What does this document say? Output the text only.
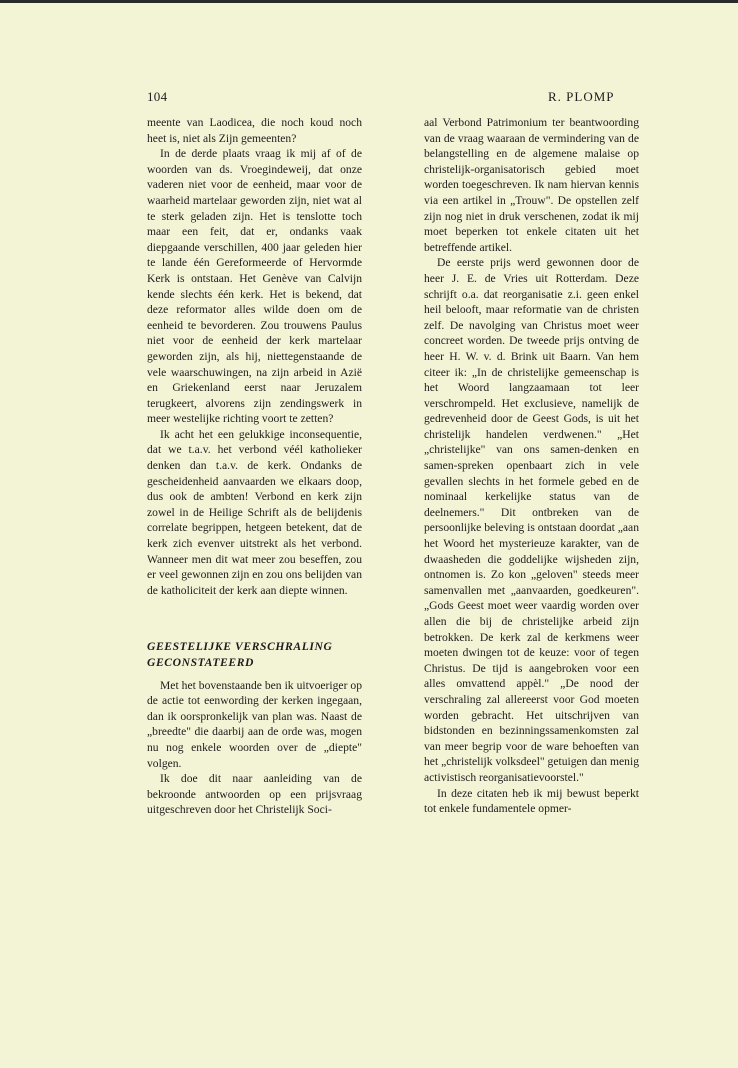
104	R. PLOMP

meente van Laodicea, die noch koud noch heet is, niet als Zijn gemeenten?

In de derde plaats vraag ik mij af of de woorden van ds. Vroegindeweij, dat onze vaderen niet voor de eenheid, maar voor de waarheid martelaar geworden zijn, niet wat al te sterk geladen zijn. Het is tenslotte toch maar een feit, dat er, ondanks vaak diepgaande verschillen, 400 jaar geleden hier te lande één Gereformeerde of Hervormde Kerk is ontstaan. Het Genève van Calvijn kende slechts één kerk. Het is bekend, dat deze reformator alles wilde doen om de eenheid te bevorderen. Zou trouwens Paulus niet voor de eenheid der kerk martelaar geworden zijn, als hij, niettegenstaande de vele waarschuwingen, na zijn arbeid in Azië en Griekenland eerst naar Jeruzalem terugkeert, alvorens zijn zendingswerk in meer westelijke richting voort te zetten?

Ik acht het een gelukkige inconsequentie, dat we t.a.v. het verbond véél katholieker denken dan t.a.v. de kerk. Ondanks de gescheidenheid aanvaarden we elkaars doop, dus ook de ambten! Verbond en kerk zijn zowel in de Heilige Schrift als de belijdenis correlate begrippen, hetgeen betekent, dat de kerk zich evenver uitstrekt als het verbond. Wanneer men dit wat meer zou beseffen, zou er veel gewonnen zijn en zou ons belijden van de katholiciteit der kerk aan diepte winnen.

GEESTELIJKE VERSCHRALING GECONSTATEERD

Met het bovenstaande ben ik uitvoeriger op de actie tot eenwording der kerken ingegaan, dan ik oorspronkelijk van plan was. Naast de „breedte" die daarbij aan de orde was, mogen nu nog enkele woorden over de „diepte" volgen.

Ik doe dit naar aanleiding van de bekroonde antwoorden op een prijsvraag uitgeschreven door het Christelijk Soci-

aal Verbond Patrimonium ter beantwoording van de vraag waaraan de vermindering van de belangstelling en de algemene malaise op christelijk-organisatorisch gebied moet worden toegeschreven. Ik nam hiervan kennis via een artikel in „Trouw". De opstellen zelf zijn nog niet in druk verschenen, zodat ik mij moet beperken tot enkele citaten uit het betreffende artikel.

De eerste prijs werd gewonnen door de heer J. E. de Vries uit Rotterdam. Deze schrijft o.a. dat reorganisatie z.i. geen enkel heil belooft, maar reformatie van de christen zelf. De navolging van Christus moet weer concreet worden. De tweede prijs ontving de heer H. W. v. d. Brink uit Baarn. Van hem citeer ik: „In de christelijke gemeenschap is het Woord langzaamaan tot leer verschrompeld. Het exclusieve, namelijk de gedrevenheid door de Geest Gods, is uit het christelijk handelen verdwenen." „Het „christelijke" van ons samen-denken en samen-spreken openbaart zich in vele gevallen slechts in het formele gebed en de nominaal kerkelijke status van de deelnemers." Dit ontbreken van de persoonlijke beleving is ontstaan doordat „aan het Woord het mysterieuze karakter, van de dwaasheden die goddelijke wijsheden zijn, ontnomen is. Zo kon „geloven" steeds meer samenvallen met „aanvaarden, goedkeuren". „Gods Geest moet weer vaardig worden over allen die bij de christelijke arbeid zijn betrokken. De kerk zal de kerkmens weer moeten dwingen tot de keuze: voor of tegen Christus. De tijd is aangebroken voor een alles omvattend appèl." „De nood der verschraling zal allereerst voor God moeten worden gebracht. Het uitschrijven van bidstonden en bezinningssamenkomsten zal van meer begrip voor de ware behoeften van het „christelijk volksdeel" getuigen dan menig activistisch reorganisatievoorstel."

In deze citaten heb ik mij bewust beperkt tot enkele fundamentele opmer-
